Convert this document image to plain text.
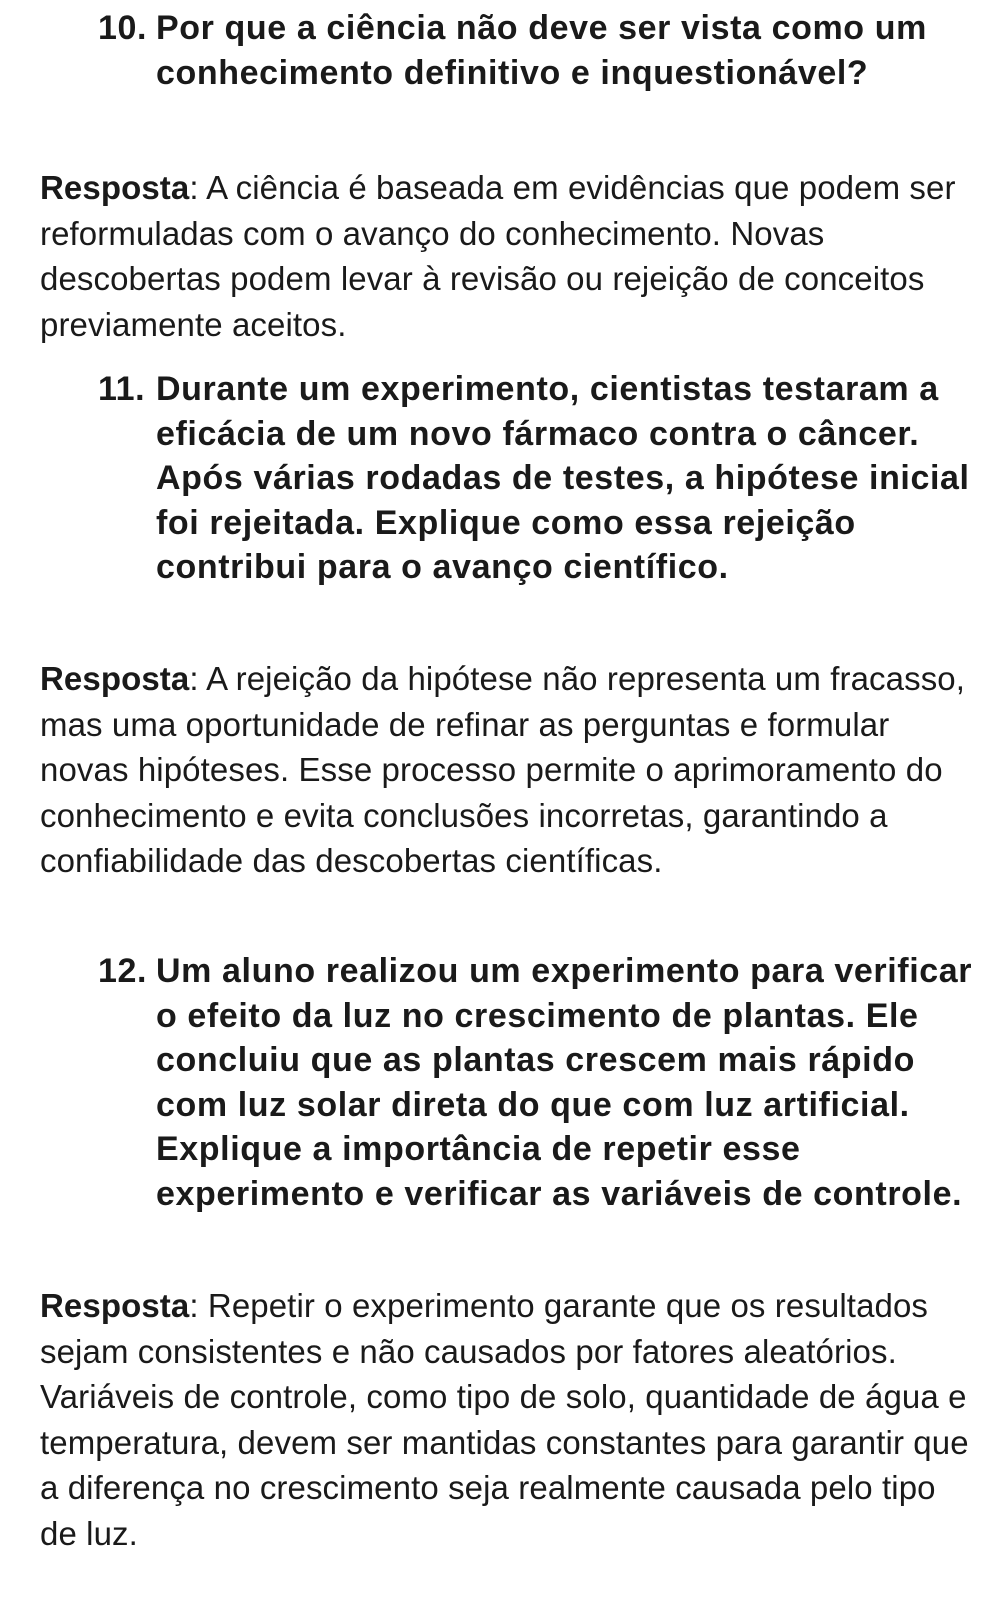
10. Por que a ciência não deve ser vista como um conhecimento definitivo e inquestionável?
Resposta: A ciência é baseada em evidências que podem ser reformuladas com o avanço do conhecimento. Novas descobertas podem levar à revisão ou rejeição de conceitos previamente aceitos.
11. Durante um experimento, cientistas testaram a eficácia de um novo fármaco contra o câncer. Após várias rodadas de testes, a hipótese inicial foi rejeitada. Explique como essa rejeição contribui para o avanço científico.
Resposta: A rejeição da hipótese não representa um fracasso, mas uma oportunidade de refinar as perguntas e formular novas hipóteses. Esse processo permite o aprimoramento do conhecimento e evita conclusões incorretas, garantindo a confiabilidade das descobertas científicas.
12. Um aluno realizou um experimento para verificar o efeito da luz no crescimento de plantas. Ele concluiu que as plantas crescem mais rápido com luz solar direta do que com luz artificial. Explique a importância de repetir esse experimento e verificar as variáveis de controle.
Resposta: Repetir o experimento garante que os resultados sejam consistentes e não causados por fatores aleatórios. Variáveis de controle, como tipo de solo, quantidade de água e temperatura, devem ser mantidas constantes para garantir que a diferença no crescimento seja realmente causada pelo tipo de luz.
